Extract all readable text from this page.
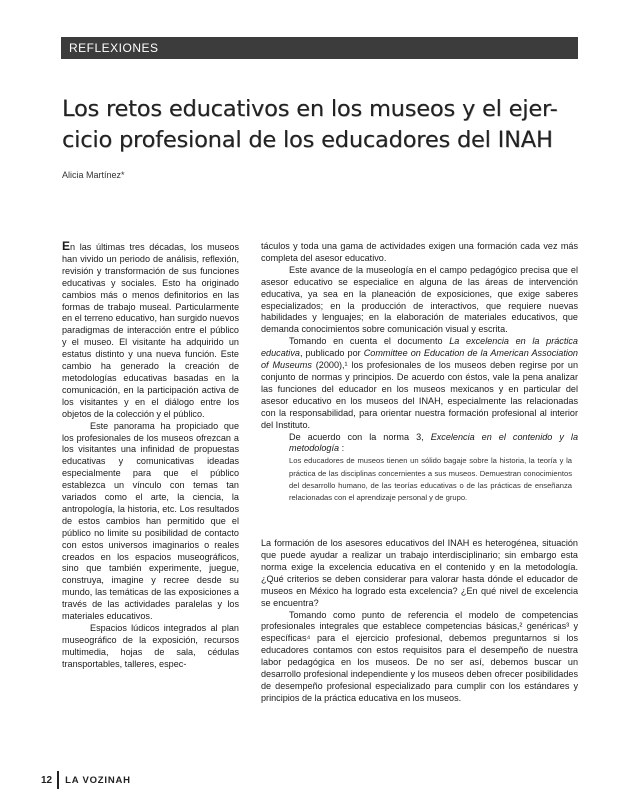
REFLEXIONES
Los retos educativos en los museos y el ejer-
cicio profesional de los educadores del INAH
Alicia Martínez*

En las últimas tres décadas, los museos han vivido un periodo de análisis, reflexión, revisión y transformación de sus funciones educativas y sociales. Esto ha originado cambios más o menos definitorios en las formas de trabajo museal. Particularmente en el terreno educativo, han surgido nuevos paradigmas de interacción entre el público y el museo. El visitante ha adquirido un estatus distinto y una nueva función. Este cambio ha generado la creación de metodologías educativas basadas en la comunicación, en la participación activa de los visitantes y en el diálogo entre los objetos de la colección y el público.

Este panorama ha propiciado que los profesionales de los museos ofrezcan a los visitantes una infinidad de propuestas educativas y comunicativas ideadas especialmente para que el público establezca un vínculo con temas tan variados como el arte, la ciencia, la antropología, la historia, etc. Los resultados de estos cambios han permitido que el público no limite su posibilidad de contacto con estos universos imaginarios o reales creados en los espacios museográficos, sino que también experimente, juegue, construya, imagine y recree desde su mundo, las temáticas de las exposiciones a través de las actividades paralelas y los materiales educativos.

Espacios lúdicos integrados al plan museográfico de la exposición, recursos multimedia, hojas de sala, cédulas transportables, talleres, espec-

táculos y toda una gama de actividades exigen una formación cada vez más completa del asesor educativo.

Este avance de la museología en el campo pedagógico precisa que el asesor educativo se especialice en alguna de las áreas de intervención educativa, ya sea en la planeación de exposiciones, que exige saberes especializados; en la producción de interactivos, que requiere nuevas habilidades y lenguajes; en la elaboración de materiales educativos, que demanda conocimientos sobre comunicación visual y escrita.

Tomando en cuenta el documento La excelencia en la práctica educativa, publicado por Committee on Education de la American Association of Museums (2000),¹ los profesionales de los museos deben regirse por un conjunto de normas y principios. De acuerdo con éstos, vale la pena analizar las funciones del educador en los museos mexicanos y en particular del asesor educativo en los museos del INAH, especialmente las relacionadas con la responsabilidad, para orientar nuestra formación profesional al interior del Instituto.

De acuerdo con la norma 3, Excelencia en el contenido y la metodología :

Los educadores de museos tienen un sólido bagaje sobre la historia, la teoría y la práctica de las disciplinas concernientes a sus museos. Demuestran conocimientos del desarrollo humano, de las teorías educativas o de las prácticas de enseñanza relacionadas con el aprendizaje personal y de grupo.

La formación de los asesores educativos del INAH es heterogénea, situación que puede ayudar a realizar un trabajo interdisciplinario; sin embargo esta norma exige la excelencia educativa en el contenido y en la metodología. ¿Qué criterios se deben considerar para valorar hasta dónde el educador de museos en México ha logrado esta excelencia? ¿En qué nivel de excelencia se encuentra?

Tomando como punto de referencia el modelo de competencias profesionales integrales que establece competencias básicas,² genéricas³ y específicas⁴ para el ejercicio profesional, debemos preguntarnos si los educadores contamos con estos requisitos para el desempeño de nuestra labor pedagógica en los museos. De no ser así, debemos buscar un desarrollo profesional independiente y los museos deben ofrecer posibilidades de desempeño profesional especializado para cumplir con los estándares y principios de la práctica educativa en los museos.

12 LA VOZINAH
